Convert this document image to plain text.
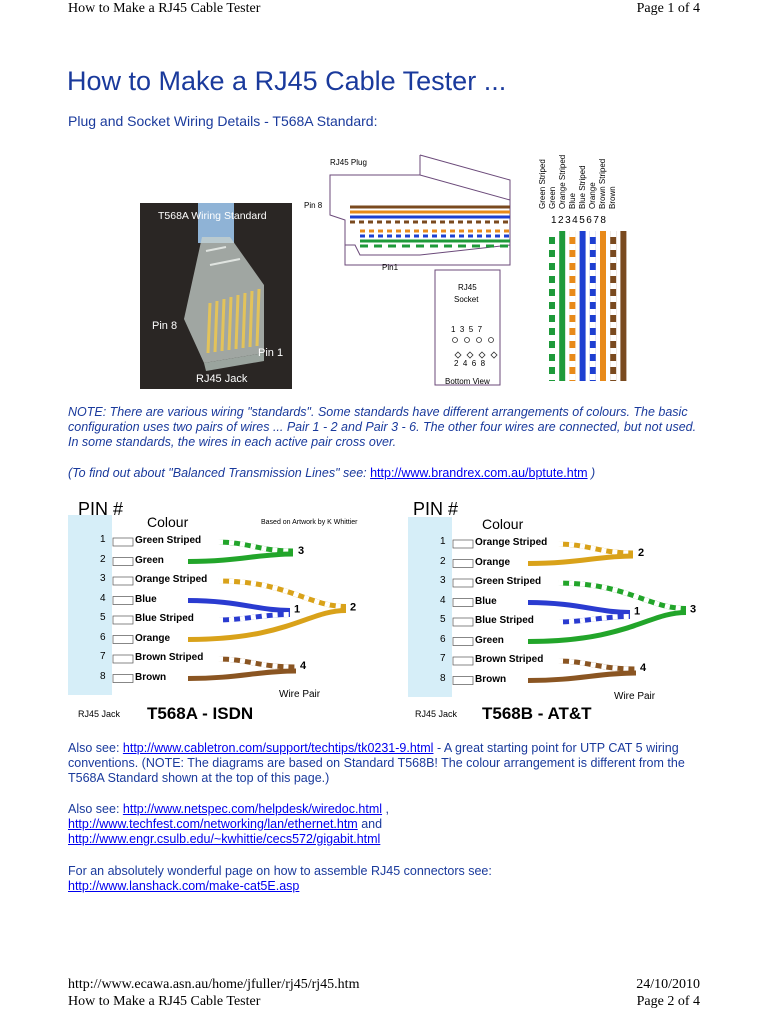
How to Make a RJ45 Cable Tester	Page 1 of 4
How to Make a RJ45 Cable Tester ...
Plug and Socket Wiring Details - T568A Standard:
T568A Wiring Standard
Pin 8
Pin 1
RJ45 Jack
RJ45 Plug
Pin 8
Pin1
RJ45
Socket
1  3  5  7
2  4  6  8
Bottom View
Green Striped Green Orange Striped Blue Blue Striped Orange Brown Striped Brown
12345678
NOTE: There are various wiring "standards". Some standards have different arrangements of colours. The basic configuration uses two pairs of wires ... Pair 1 - 2 and Pair 3 - 6. The other four wires are connected, but not used. In some standards, the wires in each active pair cross over.
(To find out about "Balanced Transmission Lines" see: http://www.brandrex.com.au/bptute.htm )
3
1	2
4
2
1	3
4
PIN #
Colour	Based on Artwork by K Whittier
Wire Pair
RJ45 Jack T568A - ISDN
PIN #
Colour
Wire Pair
RJ45 Jack T568B - AT&T
1	Green Striped
2	Green
3	Orange Striped
4	Blue
5	Blue Striped
6	Orange
7	Brown Striped
8	Brown
1	Orange Striped
2	Orange
3	Green Striped
4	Blue
5	Blue Striped
6	Green
7	Brown Striped
8	Brown
Also see: http://www.cabletron.com/support/techtips/tk0231-9.html - A great starting point for UTP CAT 5 wiring conventions. (NOTE: The diagrams are based on Standard T568B! The colour arrangement is different from the T568A Standard shown at the top of this page.)
Also see: http://www.netspec.com/helpdesk/wiredoc.html ,
http://www.techfest.com/networking/lan/ethernet.htm and
http://www.engr.csulb.edu/~kwhittie/cecs572/gigabit.html
For an absolutely wonderful page on how to assemble RJ45 connectors see:
http://www.lanshack.com/make-cat5E.asp
http://www.ecawa.asn.au/home/jfuller/rj45/rj45.htm	24/10/2010
How to Make a RJ45 Cable Tester	Page 2 of 4
